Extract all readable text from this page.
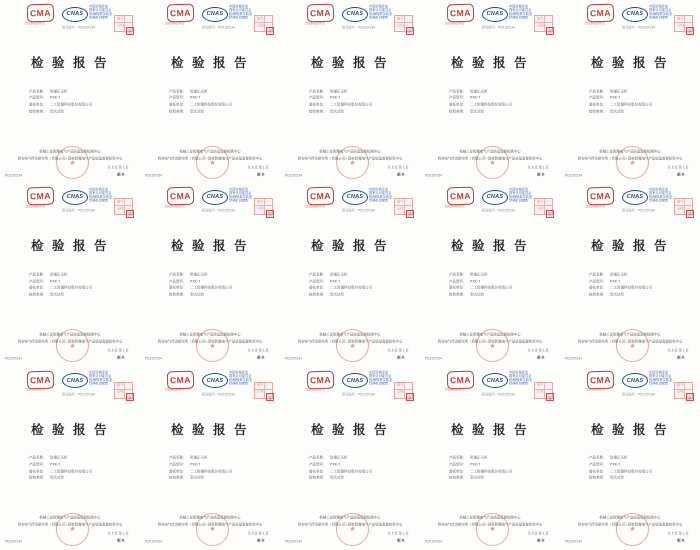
CMA
2016002547Z
CNAS
中国合格评定
国家认可委员会
检测/校准实验室
CNAS L0855
报告编号：PD2107234
编号
日期
章
检 验 报 告
产品名称： 防爆正压柜
产品型号： PXK-T
委托单位： 二工防爆科技股份有限公司
检验类别： 型式试验
机械工业防爆电气产品质量监督检测中心
西安电气传动研究所（有限公司）·国家防爆电气产品质量监督检验中心
★
PD2107234
共 5 页 第 1 页
副 本
CMA
2016002547Z
CNAS
中国合格评定
国家认可委员会
检测/校准实验室
CNAS L0855
报告编号：PD2107234
编号
日期
章
检 验 报 告
产品名称： 防爆正压柜
产品型号： PXK-T
委托单位： 二工防爆科技股份有限公司
检验类别： 型式试验
机械工业防爆电气产品质量监督检测中心
西安电气传动研究所（有限公司）·国家防爆电气产品质量监督检验中心
★
PD2107234
共 5 页 第 1 页
副 本
CMA
2016002547Z
CNAS
中国合格评定
国家认可委员会
检测/校准实验室
CNAS L0855
报告编号：PD2107234
编号
日期
章
检 验 报 告
产品名称： 防爆正压柜
产品型号： PXK-T
委托单位： 二工防爆科技股份有限公司
检验类别： 型式试验
机械工业防爆电气产品质量监督检测中心
西安电气传动研究所（有限公司）·国家防爆电气产品质量监督检验中心
★
PD2107234
共 5 页 第 1 页
副 本
CMA
2016002547Z
CNAS
中国合格评定
国家认可委员会
检测/校准实验室
CNAS L0855
报告编号：PD2107234
编号
日期
章
检 验 报 告
产品名称： 防爆正压柜
产品型号： PXK-T
委托单位： 二工防爆科技股份有限公司
检验类别： 型式试验
机械工业防爆电气产品质量监督检测中心
西安电气传动研究所（有限公司）·国家防爆电气产品质量监督检验中心
★
PD2107234
共 5 页 第 1 页
副 本
CMA
2016002547Z
CNAS
中国合格评定
国家认可委员会
检测/校准实验室
CNAS L0855
报告编号：PD2107234
编号
日期
章
检 验 报 告
产品名称： 防爆正压柜
产品型号： PXK-T
委托单位： 二工防爆科技股份有限公司
检验类别： 型式试验
机械工业防爆电气产品质量监督检测中心
西安电气传动研究所（有限公司）·国家防爆电气产品质量监督检验中心
★
PD2107234
共 5 页 第 1 页
副 本
CMA
2016002547Z
CNAS
中国合格评定
国家认可委员会
检测/校准实验室
CNAS L0855
报告编号：PD2107234
编号
日期
章
检 验 报 告
产品名称： 防爆正压柜
产品型号： PXK-T
委托单位： 二工防爆科技股份有限公司
检验类别： 型式试验
机械工业防爆电气产品质量监督检测中心
西安电气传动研究所（有限公司）·国家防爆电气产品质量监督检验中心
★
PD2107234
共 5 页 第 1 页
副 本
CMA
2016002547Z
CNAS
中国合格评定
国家认可委员会
检测/校准实验室
CNAS L0855
报告编号：PD2107234
编号
日期
章
检 验 报 告
产品名称： 防爆正压柜
产品型号： PXK-T
委托单位： 二工防爆科技股份有限公司
检验类别： 型式试验
机械工业防爆电气产品质量监督检测中心
西安电气传动研究所（有限公司）·国家防爆电气产品质量监督检验中心
★
PD2107234
共 5 页 第 1 页
副 本
CMA
2016002547Z
CNAS
中国合格评定
国家认可委员会
检测/校准实验室
CNAS L0855
报告编号：PD2107234
编号
日期
章
检 验 报 告
产品名称： 防爆正压柜
产品型号： PXK-T
委托单位： 二工防爆科技股份有限公司
检验类别： 型式试验
机械工业防爆电气产品质量监督检测中心
西安电气传动研究所（有限公司）·国家防爆电气产品质量监督检验中心
★
PD2107234
共 5 页 第 1 页
副 本
CMA
2016002547Z
CNAS
中国合格评定
国家认可委员会
检测/校准实验室
CNAS L0855
报告编号：PD2107234
编号
日期
章
检 验 报 告
产品名称： 防爆正压柜
产品型号： PXK-T
委托单位： 二工防爆科技股份有限公司
检验类别： 型式试验
机械工业防爆电气产品质量监督检测中心
西安电气传动研究所（有限公司）·国家防爆电气产品质量监督检验中心
★
PD2107234
共 5 页 第 1 页
副 本
CMA
2016002547Z
CNAS
中国合格评定
国家认可委员会
检测/校准实验室
CNAS L0855
报告编号：PD2107234
编号
日期
章
检 验 报 告
产品名称： 防爆正压柜
产品型号： PXK-T
委托单位： 二工防爆科技股份有限公司
检验类别： 型式试验
机械工业防爆电气产品质量监督检测中心
西安电气传动研究所（有限公司）·国家防爆电气产品质量监督检验中心
★
PD2107234
共 5 页 第 1 页
副 本
CMA
2016002547Z
CNAS
中国合格评定
国家认可委员会
检测/校准实验室
CNAS L0855
报告编号：PD2107234
编号
日期
章
检 验 报 告
产品名称： 防爆正压柜
产品型号： PXK-T
委托单位： 二工防爆科技股份有限公司
检验类别： 型式试验
机械工业防爆电气产品质量监督检测中心
西安电气传动研究所（有限公司）·国家防爆电气产品质量监督检验中心
★
PD2107234
共 5 页 第 1 页
副 本
CMA
2016002547Z
CNAS
中国合格评定
国家认可委员会
检测/校准实验室
CNAS L0855
报告编号：PD2107234
编号
日期
章
检 验 报 告
产品名称： 防爆正压柜
产品型号： PXK-T
委托单位： 二工防爆科技股份有限公司
检验类别： 型式试验
机械工业防爆电气产品质量监督检测中心
西安电气传动研究所（有限公司）·国家防爆电气产品质量监督检验中心
★
PD2107234
共 5 页 第 1 页
副 本
CMA
2016002547Z
CNAS
中国合格评定
国家认可委员会
检测/校准实验室
CNAS L0855
报告编号：PD2107234
编号
日期
章
检 验 报 告
产品名称： 防爆正压柜
产品型号： PXK-T
委托单位： 二工防爆科技股份有限公司
检验类别： 型式试验
机械工业防爆电气产品质量监督检测中心
西安电气传动研究所（有限公司）·国家防爆电气产品质量监督检验中心
★
PD2107234
共 5 页 第 1 页
副 本
CMA
2016002547Z
CNAS
中国合格评定
国家认可委员会
检测/校准实验室
CNAS L0855
报告编号：PD2107234
编号
日期
章
检 验 报 告
产品名称： 防爆正压柜
产品型号： PXK-T
委托单位： 二工防爆科技股份有限公司
检验类别： 型式试验
机械工业防爆电气产品质量监督检测中心
西安电气传动研究所（有限公司）·国家防爆电气产品质量监督检验中心
★
PD2107234
共 5 页 第 1 页
副 本
CMA
2016002547Z
CNAS
中国合格评定
国家认可委员会
检测/校准实验室
CNAS L0855
报告编号：PD2107234
编号
日期
章
检 验 报 告
产品名称： 防爆正压柜
产品型号： PXK-T
委托单位： 二工防爆科技股份有限公司
检验类别： 型式试验
机械工业防爆电气产品质量监督检测中心
西安电气传动研究所（有限公司）·国家防爆电气产品质量监督检验中心
★
PD2107234
共 5 页 第 1 页
副 本
